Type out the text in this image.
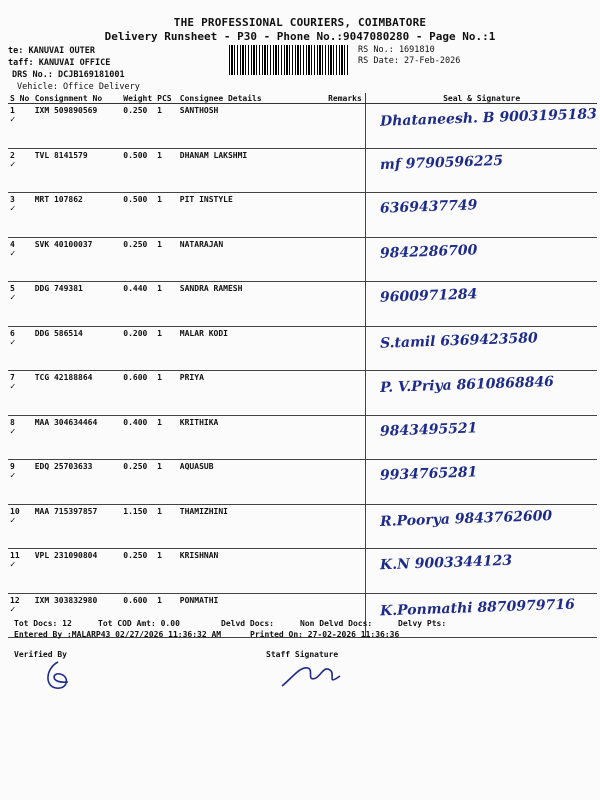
THE PROFESSIONAL COURIERS, COIMBATORE
Delivery Runsheet - P30 - Phone No.:9047080280 - Page No.:1
te: KANUVAI OUTER
taff: KANUVAI OFFICE
DRS No.: DCJB169181001
Vehicle: Office Delivery
RS No.: 1691810
RS Date: 27-Feb-2026
S No	Consignment No	Weight	PCS	Consignee Details	Remarks	Seal & Signature
1
✓	IXM 509890569	0.250	1	SANTHOSH		Dhataneesh. B 9003195183

2
✓	TVL 8141579	0.500	1	DHANAM LAKSHMI		mf 9790596225

3
✓	MRT 107862	0.500	1	PIT INSTYLE		6369437749

4
✓	SVK 40100037	0.250	1	NATARAJAN		9842286700

5
✓	DDG 749381	0.440	1	SANDRA RAMESH		9600971284

6
✓	DDG 586514	0.200	1	MALAR KODI		S.tamil 6369423580

7
✓	TCG 42188864	0.600	1	PRIYA		P. V.Priya 8610868846

8
✓	MAA 304634464	0.400	1	KRITHIKA		9843495521

9
✓	EDQ 25703633	0.250	1	AQUASUB		9934765281

10
✓	MAA 715397857	1.150	1	THAMIZHINI		R.Poorya 9843762600

11
✓	VPL 231090804	0.250	1	KRISHNAN		K.N 9003344123

12
✓	IXM 303832980	0.600	1	PONMATHI		K.Ponmathi 8870979716
Tot Docs: 12	Tot COD Amt: 0.00	Delvd Docs:	Non Delvd Docs:	Delvy Pts:
Entered By :MALARP43 02/27/2026 11:36:32 AM	Printed On: 27-02-2026 11:36:36
Verified By	Staff Signature
